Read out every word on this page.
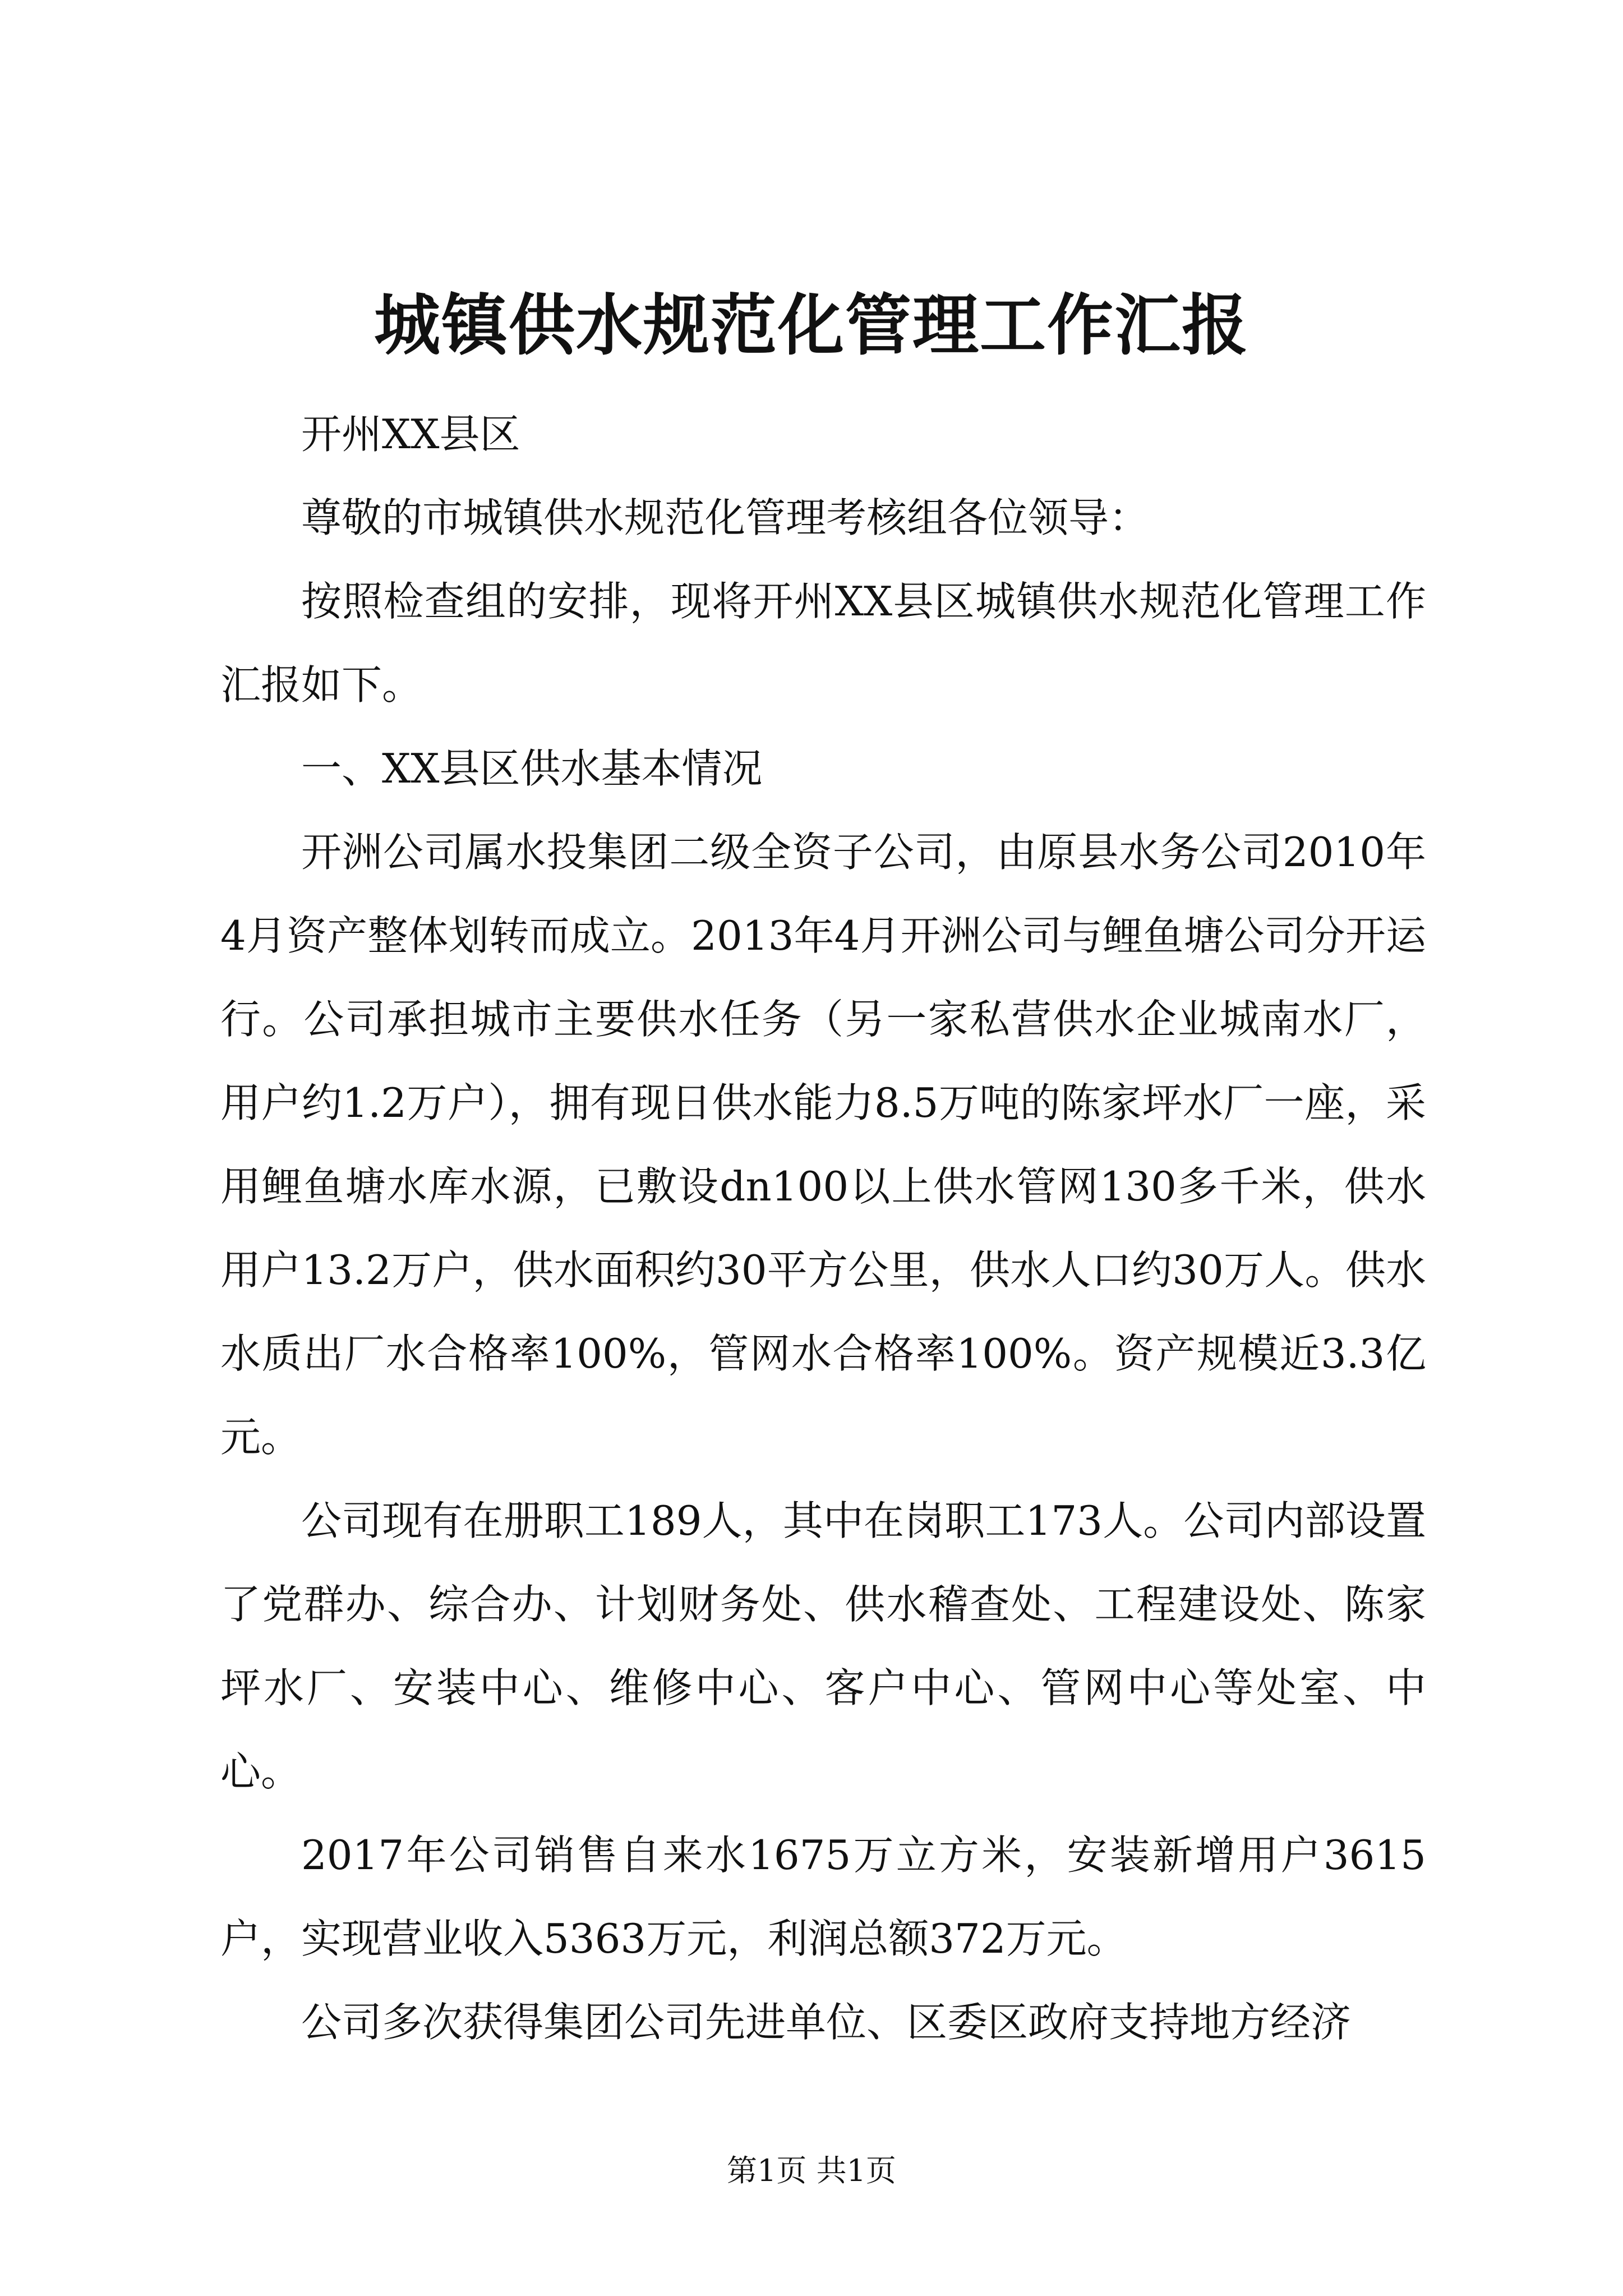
城镇供水规范化管理工作汇报

开州XX县区

尊敬的市城镇供水规范化管理考核组各位领导：

按照检查组的安排，现将开州XX县区城镇供水规范化管理工作汇报如下。

一、XX县区供水基本情况

开洲公司属水投集团二级全资子公司，由原县水务公司2010年4月资产整体划转而成立。2013年4月开洲公司与鲤鱼塘公司分开运行。公司承担城市主要供水任务（另一家私营供水企业城南水厂，用户约1.2万户），拥有现日供水能力8.5万吨的陈家坪水厂一座，采用鲤鱼塘水库水源，已敷设dn100以上供水管网130多千米，供水用户13.2万户，供水面积约30平方公里，供水人口约30万人。供水水质出厂水合格率100%，管网水合格率100%。资产规模近3.3亿元。

公司现有在册职工189人，其中在岗职工173人。公司内部设置了党群办、综合办、计划财务处、供水稽查处、工程建设处、陈家坪水厂、安装中心、维修中心、客户中心、管网中心等处室、中心。

2017年公司销售自来水1675万立方米，安装新增用户3615户，实现营业收入5363万元，利润总额372万元。

公司多次获得集团公司先进单位、区委区政府支持地方经济

第1页 共1页
